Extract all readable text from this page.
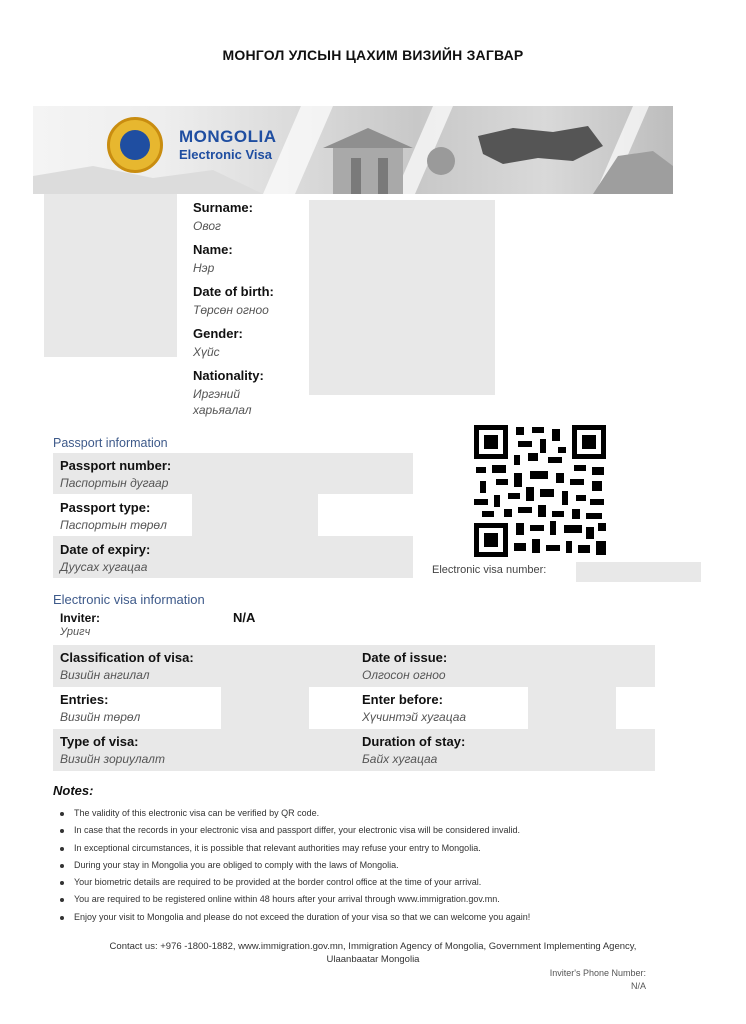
МОНГОЛ УЛСЫН ЦАХИМ ВИЗИЙН ЗАГВАР
MONGOLIA
Electronic Visa
Surname:
Овог
Name:
Нэр
Date of birth:
Төрсөн огноо
Gender:
Хүйс
Nationality:
Иргэний
харьяалал
Passport information
Passport number:
Паспортын дугаар
Passport type:
Паспортын төрөл
Date of expiry:
Дуусах хугацаа	Electronic visa number:
Electronic visa information
Inviter:
Уригч
N/A
Classification of visa:
Визийн ангилал
Entries:
Визийн төрөл
Type of visa:
Визийн зориулалт
Date of issue:
Олгосон огноо
Enter before:
Хүчинтэй хугацаа
Duration of stay:
Байх хугацаа
Notes:
The validity of this electronic visa can be verified by QR code.
In case that the records in your electronic visa and passport differ, your electronic visa will be considered invalid.
In exceptional circumstances, it is possible that relevant authorities may refuse your entry to Mongolia.
During your stay in Mongolia you are obliged to comply with the laws of Mongolia.
Your biometric details are required to be provided at the border control office at the time of your arrival.
You are required to be registered online within 48 hours after your arrival through www.immigration.gov.mn.
Enjoy your visit to Mongolia and please do not exceed the duration of your visa so that we can welcome you again!
Contact us: +976 -1800-1882, www.immigration.gov.mn, Immigration Agency of Mongolia, Government Implementing Agency,
Ulaanbaatar Mongolia
Inviter's Phone Number:
N/A
